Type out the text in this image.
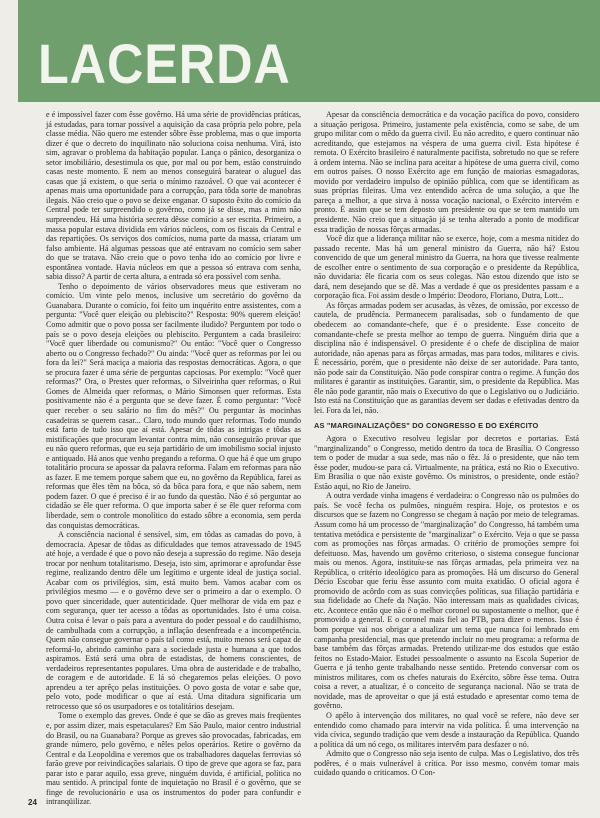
LACERDA

e é impossível fazer com êsse govêrno. Há uma série de providências práticas, já estudadas, para tornar possível a aquisição da casa própria pelo pobre, pela classe média. Não quero me estender sôbre êsse problema, mas o que importa dizer é que o decreto do inquilinato não soluciona coisa nenhuma. Virá, isto sim, agravar o problema da habitação popular. Lança o pânico, desorganiza o setor imobiliário, desestimula os que, por mal ou por bem, estão construindo casas neste momento. E nem ao menos conseguirá baratear o aluguel das casas que já existem, o que seria o mínimo razoável. O que vai acontecer é apenas mais uma oportunidade para a corrupção, para tôda sorte de manobras ilegais. Não creio que o povo se deixe enganar. O suposto êxito do comício da Central pode ter surpreendido o govêrno, como já se disse, mas a mim não surpreendeu. Há uma história secreta dêsse comício a ser escrita. Primeiro, a massa popular estava dividida em vários núcleos, com os fiscais da Central e das repartições. Os serviços dos comícios, numa parte da massa, criaram um falso ambiente. Há algumas pessoas que até entravam no comício sem saber do que se tratava. Não creio que o povo tenha ido ao comício por livre e espontânea vontade. Havia núcleos em que a pessoa só entrava com senha, sabia disso? A partir de certa altura, a entrada só era possível com senha.

Tenho o depoimento de vários observadores meus que estiveram no comício. Um vinte pelo menos, inclusive um secretário do govêrno da Guanabara. Durante o comício, foi feito um inquérito entre assistentes, com a pergunta: "Você quer eleição ou plebiscito?" Resposta: 90% querem eleição! Como admitir que o povo possa ser facilmente iludido? Perguntem por todo o país se o povo deseja eleições ou plebiscito. Perguntem a cada brasileiro: "Você quer liberdade ou comunismo?" Ou então: "Você quer o Congresso aberto ou o Congresso fechado?" Ou ainda: "Você quer as reformas por lei ou fora da lei?" Será maciça a maioria das respostas democráticas. Agora, o que se procura fazer é uma série de perguntas capciosas. Por exemplo: "Você quer reformas?" Ora, o Prestes quer reformas, o Silveirinha quer reformas, o Rui Gomes de Almeida quer reformas, o Mário Simonsen quer reformas. Esta positivamente não é a pergunta que se deve fazer. É como perguntar: "Você quer receber o seu salário no fim do mês?" Ou perguntar às mocinhas casadeiras se querem casar... Claro, todo mundo quer reformas. Todo mundo está farto de tudo isso que aí está. Apesar de tôdas as intrigas e tôdas as mistificações que procuram levantar contra mim, não conseguirão provar que eu não quero reformas, que eu seja partidário de um imobilismo social injusto e antiquado. Há anos que venho pregando a reforma. O que há é que um grupo totalitário procura se apossar da palavra reforma. Falam em reformas para não as fazer. E me temem porque sabem que eu, no govêrno da República, farei as reformas que êles têm na bôca, só da bôca para fora, e que não sabem, nem podem fazer. O que é preciso é ir ao fundo da questão. Não é só perguntar ao cidadão se êle quer reforma. O que importa saber é se êle quer reforma com liberdade, sem o controle monolítico do estado sôbre a economia, sem perda das conquistas democráticas.

A consciência nacional é sensível, sim, em tôdas as camadas do povo, à democracia. Apesar de tôdas as dificuldades que temos atravessado de 1945 até hoje, a verdade é que o povo não deseja a supressão do regime. Não deseja trocar por nenhum totalitarismo. Deseja, isto sim, aprimorar e aprofundar êsse regime, realizando dentro dêle um legítimo e urgente ideal de justiça social. Acabar com os privilégios, sim, está muito bem. Vamos acabar com os privilégios mesmo — e o govêrno deve ser o primeiro a dar o exemplo. O povo quer sinceridade, quer autenticidade. Quer melhorar de vida em paz e com segurança, quer ter acesso a tôdas as oportunidades. Isto é uma coisa. Outra coisa é levar o país para a aventura do poder pessoal e do caudilhismo, de cambulhada com a corrupção, a inflação desenfreada e a incompetência. Quem não consegue governar o país tal como está, muito menos será capaz de reformá-lo, abrindo caminho para a sociedade justa e humana a que todos aspiramos. Está será uma obra de estadistas, de homens conscientes, de verdadeiros representantes populares. Uma obra de austeridade e de trabalho, de coragem e de autoridade. E lá só chegaremos pelas eleições. O povo aprendeu a ter aprêço pelas instituições. O povo gosta de votar e sabe que, pelo voto, pode modificar o que aí está. Uma ditadura significaria um retrocesso que só os usurpadores e os totalitários desejam.

Tome o exemplo das greves. Onde é que se dão as greves mais freqüentes e, por assim dizer, mais espetaculares? Em São Paulo, maior centro industrial do Brasil, ou na Guanabara? Porque as greves são provocadas, fabricadas, em grande número, pelo govêrno, e nêles pelos operários. Retire o govêrno da Central e da Leopoldina e veremos que os trabalhadores daquelas ferrovias só farão greve por reivindicações salariais. O tipo de greve que agora se faz, para parar isto e parar aquilo, essa greve, ninguém duvida, é artificial, política no mau sentido. A principal fonte de inquietação no Brasil é o govêrno, que se finge de revolucionário e usa os instrumentos do poder para confundir e intranqüilizar.

Apesar da consciência democrática e da vocação pacífica do povo, considero a situação perigosa. Primeiro, justamente pela existência, como se sabe, de um grupo militar com o mêdo da guerra civil. Eu não acredito, e quero continuar não acreditando, que estejamos na véspera de uma guerra civil. Esta hipótese é remota. O Exército brasileiro é naturalmente pacifista, sobretudo no que se refere à ordem interna. Não se inclina para aceitar a hipótese de uma guerra civil, como em outros países. O nosso Exército age em função de maiorias esmagadoras, movido por verdadeiro impulso de opinião pública, com que se identificam as suas próprias fileiras. Uma vez entendido acêrca de uma solução, a que lhe pareça a melhor, a que sirva à nossa vocação nacional, o Exército intervém e pronto. É assim que se tem deposto um presidente ou que se tem mantido um presidente. Não creio que a situação já se tenha alterado a ponto de modificar essa tradição de nossas fôrças armadas.

Você diz que a liderança militar não se exerce, hoje, com a mesma nitidez do passado recente. Mas há um general ministro da Guerra, não há? Estou convencido de que um general ministro da Guerra, na hora que tivesse realmente de escolher entre o sentimento de sua corporação e o presidente da República, não duvidaria: êle ficaria com os seus colegas. Não estou dizendo que isto se dará, nem desejando que se dê. Mas a verdade é que os presidentes passam e a corporação fica. Foi assim desde o Império: Deodoro, Floriano, Dutra, Lott...

As fôrças armadas podem ser acusadas, às vêzes, de omissão, por excesso de cautela, de prudência. Permanecem paralisadas, sob o fundamento de que obedecem ao comandante-chefe, que é o presidente. Esse conceito de comandante-chefe se presta melhor ao tempo de guerra. Ninguém diria que a disciplina não é indispensável. O presidente é o chefe de disciplina de maior autoridade, não apenas para as fôrças armadas, mas para todos, militares e civis. É necessário, porém, que o presidente não deixe de ser autoridade. Para tanto, não pode sair da Constituição. Não pode conspirar contra o regime. A função dos militares é garantir as instituições. Garantir, sim, o presidente da República. Mas êle não pode garantir, não mais o Executivo do que o Legislativo ou o Judiciário. Isto está na Constituição que as garantias devem ser dadas e efetivadas dentro da lei. Fora da lei, não.

AS "MARGINALIZAÇÕES" DO CONGRESSO E DO EXÉRCITO

Agora o Executivo resolveu legislar por decretos e portarias. Está "marginalizando" o Congresso, metido dentro da toca de Brasília. O Congresso tem o poder de mudar a sua sede, mas não o fêz. Já o presidente, que não tem êsse poder, mudou-se para cá. Virtualmente, na prática, está no Rio o Executivo. Em Brasília o que não existe govêrno. Os ministros, o presidente, onde estão? Estão aqui, no Rio de Janeiro.

A outra verdade vinha imagens é verdadeira: o Congresso não os pulmões do país. Se você fecha os pulmões, ninguém respira. Hoje, os protestos e os discursos que se fazem no Congresso se chegam à nação por meio de telegramas. Assum como há um processo de "marginalização" do Congresso, há também uma tentativa metódica e persistente de "marginalizar" o Exército. Veja o que se passa com as promoções nas fôrças armadas. O critério de promoções sempre foi defeituoso. Mas, havendo um govêrno criterioso, o sistema consegue funcionar mais ou menos. Agora, instituíu-se nas fôrças armadas, pela primeira vez na República, o critério ideológico para as promoções. Há um discurso do General Décio Escobar que feriu êsse assunto com muita exatidão. O oficial agora é promovido de acôrdo com as suas convicções políticas, sua filiação partidária e sua fidelidade ao Chefe da Nação. Não interessam mais as qualidades cívicas, etc. Acontece então que não é o melhor coronel ou supostamente o melhor, que é promovido a general. E o coronel mais fiel ao PTB, para dizer o menos. Isso é bom porque vai nos obrigar a atualizar um tema que nunca foi lembrado em campanha presidencial, mas que pretendo incluir no meu programa: a reforma de base também das fôrças armadas. Pretendo utilizar-me dos estudos que estão feitos no Estado-Maior. Estudei pessoalmente o assunto na Escola Superior de Guerra e já tenho gente trabalhando nesse sentido. Pretendo conversar com os ministros militares, com os chefes naturais do Exército, sôbre êsse tema. Outra coisa a rever, a atualizar, é o conceito de segurança nacional. Não se trata de novidade, mas de aproveitar o que já está estudado e apresentar como tema de govêrno.

O apêlo à intervenção dos militares, no qual você se refere, não deve ser entendido como chamado para intervir na vida política. É uma intervenção na vida cívica, segundo tradição que vem desde a instauração da República. Quando a política dá um nó cego, os militares intervêm para desfazer o nó.

Admito que o Congresso não seja isento de culpa. Mas o Legislativo, dos três podêres, é o mais vulnerável à crítica. Por isso mesmo, convém tomar mais cuidado quando o criticamos. O Con-

24
